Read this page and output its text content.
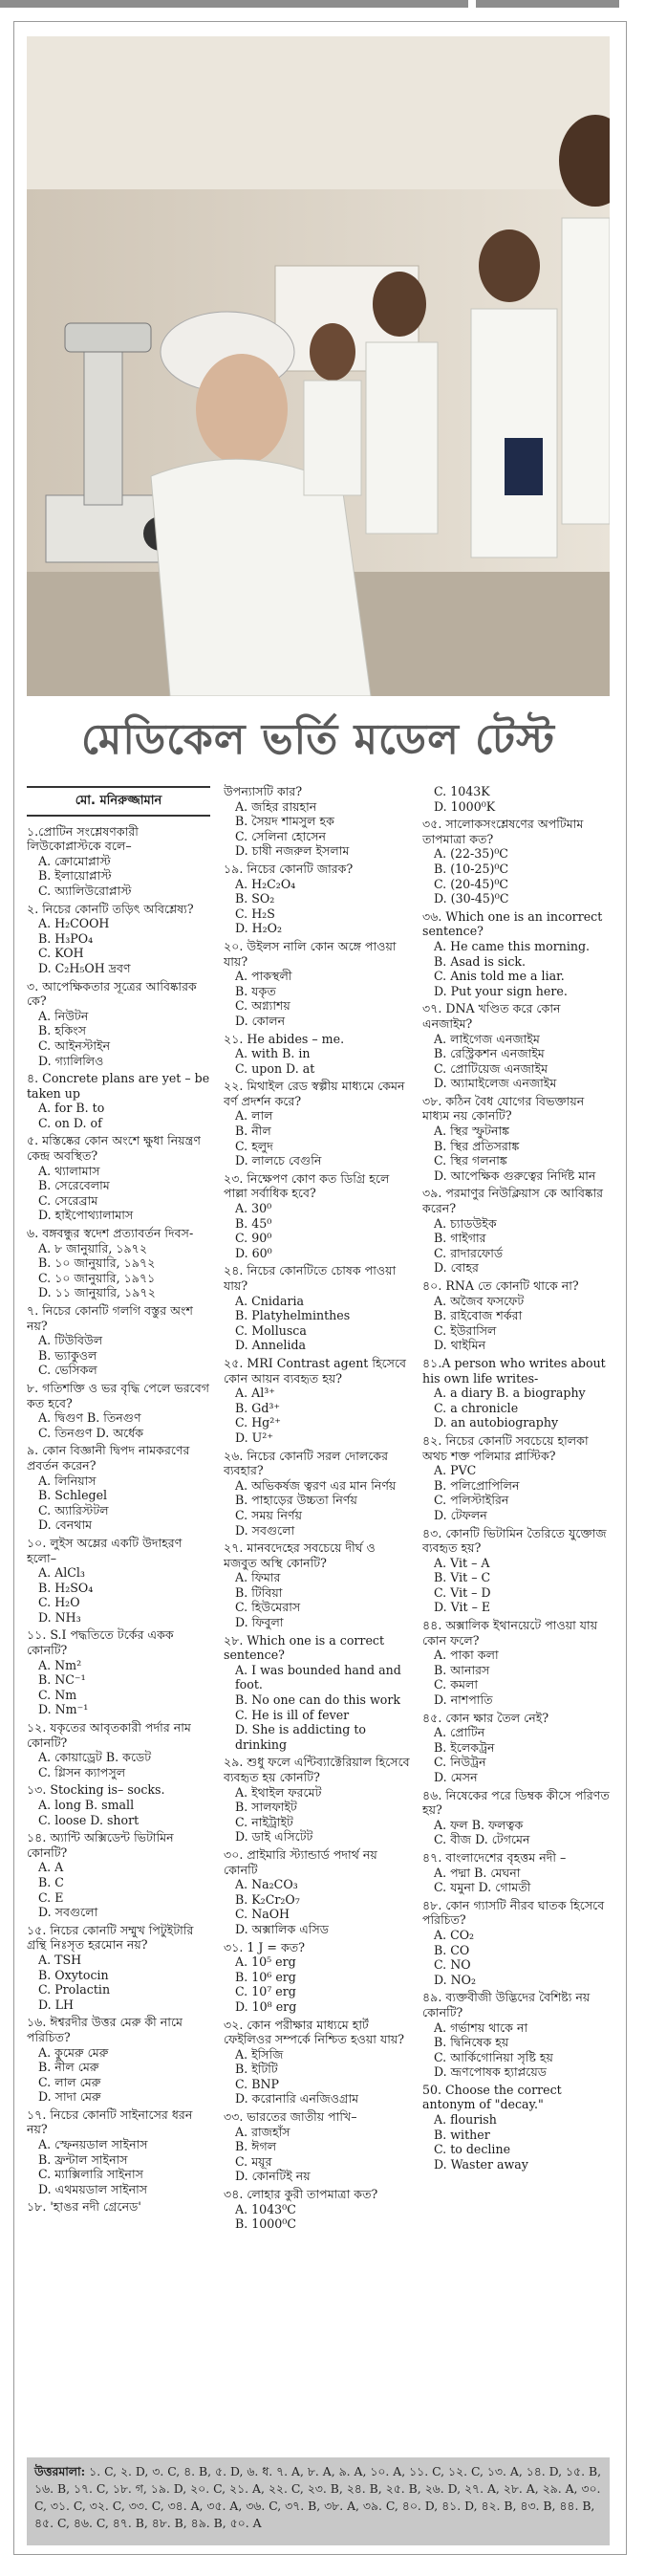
মেডিকেল ভর্তি মডেল টেস্ট
মো. মনিরুজ্জামান
১.প্রোটিন সংশ্লেষণকারী লিউকোপ্লাস্টকে বলে–
A. ক্রোমোপ্লাস্ট
B. ইলায়োপ্লাস্ট
C. অ্যালিউরোপ্লাস্ট
২. নিচের কোনটি তড়িৎ অবিশ্লেষ্য?
A. H₂COOH
B. H₃PO₄
C. KOH
D. C₂H₅OH দ্রবণ
৩. আপেক্ষিকতার সূত্রের আবিষ্কারক কে?
A. নিউটন
B. হকিংস
C. আইনস্টাইন
D. গ্যালিলিও
৪. Concrete plans are yet – be taken up
A. for B. to
C. on D. of
৫. মস্তিষ্কের কোন অংশে ক্ষুধা নিয়ন্ত্রণ কেন্দ্র অবস্থিত?
A. থ্যালামাস
B. সেরেবেলাম
C. সেরেব্রাম
D. হাইপোথ্যালামাস
৬. বঙ্গবন্ধুর স্বদেশ প্রত্যাবর্তন দিবস-
A. ৮ জানুয়ারি, ১৯৭২
B. ১০ জানুয়ারি, ১৯৭২
C. ১০ জানুয়ারি, ১৯৭১
D. ১১ জানুয়ারি, ১৯৭২
৭. নিচের কোনটি গলগি বস্তুর অংশ নয়?
A. টিউবিউল
B. ভ্যাকুওল
C. ভেসিকল
৮. গতিশক্তি ও ভর বৃদ্ধি পেলে ভরবেগ কত হবে?
A. দ্বিগুণ B. তিনগুণ
C. তিনগুণ D. অর্ধেক
৯. কোন বিজ্ঞানী দ্বিপদ নামকরণের প্রবর্তন করেন?
A. লিনিয়াস
B. Schlegel
C. অ্যারিস্টটল
D. বেনথাম
১০. লুইস অম্লের একটি উদাহরণ হলো–
A. AlCl₃
B. H₂SO₄
C. H₂O
D. NH₃
১১. S.I পদ্ধতিতে টর্কের একক কোনটি?
A. Nm²
B. NC⁻¹
C. Nm
D. Nm⁻¹
১২. যকৃতের আবৃতকারী পর্দার নাম কোনটি?
A. কোয়াড্রেট B. কডেট
C. গ্লিসন ক্যাপসুল
১৩. Stocking is– socks.
A. long B. small
C. loose D. short
১৪. অ্যান্টি অক্সিডেন্ট ভিটামিন কোনটি?
A. A
B. C
C. E
D. সবগুলো
১৫. নিচের কোনটি সম্মুখ পিটুইটারি গ্রন্থি নিঃসৃত হরমোন নয়?
A. TSH
B. Oxytocin
C. Prolactin
D. LH
১৬. ঈশ্বরদীর উত্তর মেরু কী নামে পরিচিত?
A. কুমেরু মেরু
B. নীল মেরু
C. লাল মেরু
D. সাদা মেরু
১৭. নিচের কোনটি সাইনাসের ধরন নয়?
A. স্ফেনয়ডাল সাইনাস
B. ফ্রন্টাল সাইনাস
C. ম্যাক্সিলারি সাইনাস
D. এথময়ডাল সাইনাস
১৮. 'হাঙর নদী গ্রেনেড'
উপন্যাসটি কার?
A. জহির রায়হান
B. সৈয়দ শামসুল হক
C. সেলিনা হোসেন
D. চাষী নজরুল ইসলাম
১৯. নিচের কোনটি জারক?
A. H₂C₂O₄
B. SO₂
C. H₂S
D. H₂O₂
২০. উইলস নালি কোন অঙ্গে পাওয়া যায়?
A. পাকস্থলী
B. যকৃত
C. অগ্ন্যাশয়
D. কোলন
২১. He abides – me.
A. with B. in
C. upon D. at
২২. মিথাইল রেড স্বল্পীয় মাধ্যমে কেমন বর্ণ প্রদর্শন করে?
A. লাল
B. নীল
C. হলুদ
D. লালচে বেগুনি
২৩. নিক্ষেপণ কোণ কত ডিগ্রি হলে পাল্লা সর্বাধিক হবে?
A. 30⁰
B. 45⁰
C. 90⁰
D. 60⁰
২৪. নিচের কোনটিতে চোষক পাওয়া যায়?
A. Cnidaria
B. Platyhelminthes
C. Mollusca
D. Annelida
২৫. MRI Contrast agent হিসেবে কোন আয়ন ব্যবহৃত হয়?
A. Al³⁺
B. Gd³⁺
C. Hg²⁺
D. U²⁺
২৬. নিচের কোনটি সরল দোলকের ব্যবহার?
A. অভিকর্ষজ ত্বরণ এর মান নির্ণয়
B. পাহাড়ের উচ্চতা নির্ণয়
C. সময় নির্ণয়
D. সবগুলো
২৭. মানবদেহের সবচেয়ে দীর্ঘ ও মজবুত অস্থি কোনটি?
A. ফিমার
B. টিবিয়া
C. হিউমেরাস
D. ফিবুলা
২৮. Which one is a correct sentence?
A. I was bounded hand and foot.
B. No one can do this work
C. He is ill of fever
D. She is addicting to drinking
২৯. শুধু ফলে এন্টিব্যাক্টেরিয়াল হিসেবে ব্যবহৃত হয় কোনটি?
A. ইথাইল ফরমেট
B. সালফাইট
C. নাইট্রাইট
D. ডাই এসিটেট
৩০. প্রাইমারি স্ট্যান্ডার্ড পদার্থ নয় কোনটি
A. Na₂CO₃
B. K₂Cr₂O₇
C. NaOH
D. অক্সালিক এসিড
৩১. 1 J = কত?
A. 10⁵ erg
B. 10⁶ erg
C. 10⁷ erg
D. 10⁸ erg
৩২. কোন পরীক্ষার মাধ্যমে হার্ট ফেইলিওর সম্পর্কে নিশ্চিত হওয়া যায়?
A. ইসিজি
B. ইটিটি
C. BNP
D. করোনারি এনজিওগ্রাম
৩৩. ভারতের জাতীয় পাখি–
A. রাজহাঁস
B. ঈগল
C. ময়ূর
D. কোনটিই নয়
৩৪. লোহার কুরী তাপমাত্রা কত?
A. 1043⁰C
B. 1000⁰C
C. 1043K
D. 1000⁰K
৩৫. সালোকসংশ্লেষণের অপটিমাম তাপমাত্রা কত?
A. (22-35)⁰C
B. (10-25)⁰C
C. (20-45)⁰C
D. (30-45)⁰C
৩৬. Which one is an incorrect sentence?
A. He came this morning.
B. Asad is sick.
C. Anis told me a liar.
D. Put your sign here.
৩৭. DNA খণ্ডিত করে কোন এনজাইম?
A. লাইগেজ এনজাইম
B. রেস্ট্রিকশন এনজাইম
C. প্রোটিয়েজ এনজাইম
D. অ্যামাইলেজ এনজাইম
৩৮. কঠিন বৈধ যোগের বিভক্তায়ন মাধ্যম নয় কোনটি?
A. স্থির স্ফুটনাঙ্ক
B. স্থির প্রতিসরাঙ্ক
C. স্থির গলনাঙ্ক
D. আপেক্ষিক গুরুত্বের নির্দিষ্ট মান
৩৯. পরমাণুর নিউক্লিয়াস কে আবিষ্কার করেন?
A. চ্যাডউইক
B. গাইগার
C. রাদারফোর্ড
D. বোহর
৪০. RNA তে কোনটি থাকে না?
A. অজৈব ফসফেট
B. রাইবোজ শর্করা
C. ইউরাসিল
D. থাইমিন
৪১.A person who writes about his own life writes-
A. a diary B. a biography
C. a chronicle
D. an autobiography
৪২. নিচের কোনটি সবচেয়ে হালকা অথচ শক্ত পলিমার প্লাস্টিক?
A. PVC
B. পলিপ্রোপিলিন
C. পলিস্টাইরিন
D. টেফলন
৪৩. কোনটি ভিটামিন তৈরিতে যুক্তোজ ব্যবহৃত হয়?
A. Vit – A
B. Vit – C
C. Vit – D
D. Vit – E
৪৪. অক্সালিক ইথানয়েটে পাওয়া যায় কোন ফলে?
A. পাকা কলা
B. আনারস
C. কমলা
D. নাশপাতি
৪৫. কোন ক্ষার তৈল নেই?
A. প্রোটিন
B. ইলেকট্রন
C. নিউট্রন
D. মেসন
৪৬. নিষেকের পরে ডিম্বক কীসে পরিণত হয়?
A. ফল B. ফলত্বক
C. বীজ D. টেগমেন
৪৭. বাংলাদেশের বৃহত্তম নদী –
A. পদ্মা B. মেঘনা
C. যমুনা D. গোমতী
৪৮. কোন গ্যাসটি নীরব ঘাতক হিসেবে পরিচিত?
A. CO₂
B. CO
C. NO
D. NO₂
৪৯. ব্যক্তবীজী উদ্ভিদের বৈশিষ্ট্য নয় কোনটি?
A. গর্ভাশয় থাকে না
B. দ্বিনিষেক হয়
C. আর্কিগোনিয়া সৃষ্টি হয়
D. ভ্রূণপোষক হ্যাপ্লয়েড
50. Choose the correct antonym of "decay."
A. flourish
B. wither
C. to decline
D. Waster away
উত্তরমালা: ১. C, ২. D, ৩. C, ৪. B, ৫. D, ৬. ধ. ৭. A, ৮. A, ৯. A, ১০. A, ১১. C, ১২. C, ১৩. A, ১৪. D, ১৫. B, ১৬. B, ১৭. C, ১৮. গ, ১৯. D, ২০. C, ২১. A, ২২. C, ২৩. B, ২৪. B, ২৫. B, ২৬. D, ২৭. A, ২৮. A, ২৯. A, ৩০. C, ৩১. C, ৩২. C, ৩৩. C, ৩৪. A, ৩৫. A, ৩৬. C, ৩৭. B, ৩৮. A, ৩৯. C, ৪০. D, ৪১. D, ৪২. B, ৪৩. B, ৪৪. B, ৪৫. C, ৪৬. C, ৪৭. B, ৪৮. B, ৪৯. B, ৫০. A
